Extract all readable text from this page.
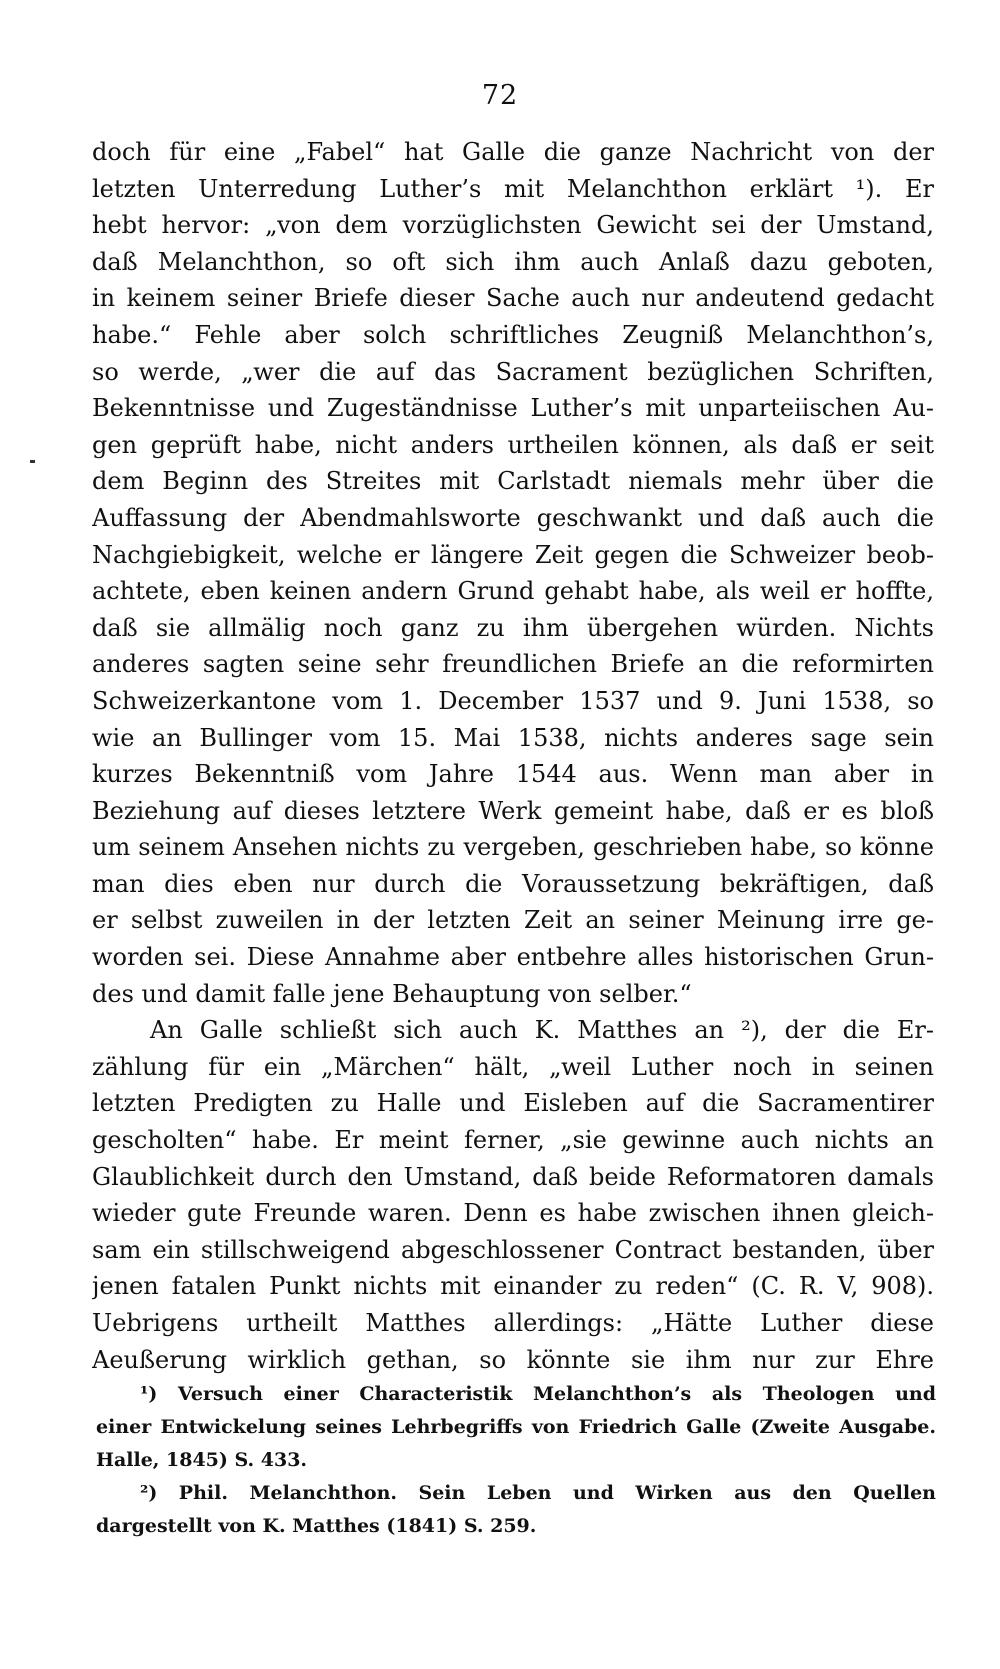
72
doch für eine „Fabel“ hat Galle die ganze Nachricht von der
letzten Unterredung Luther’s mit Melanchthon erklärt ¹). Er
hebt hervor: „von dem vorzüglichsten Gewicht sei der Umstand,
daß Melanchthon, so oft sich ihm auch Anlaß dazu geboten,
in keinem seiner Briefe dieser Sache auch nur andeutend gedacht
habe.“ Fehle aber solch schriftliches Zeugniß Melanchthon’s,
so werde, „wer die auf das Sacrament bezüglichen Schriften,
Bekenntnisse und Zugeständnisse Luther’s mit unparteiischen Au-
gen geprüft habe, nicht anders urtheilen können, als daß er seit
dem Beginn des Streites mit Carlstadt niemals mehr über die
Auffassung der Abendmahlsworte geschwankt und daß auch die
Nachgiebigkeit, welche er längere Zeit gegen die Schweizer beob-
achtete, eben keinen andern Grund gehabt habe, als weil er hoffte,
daß sie allmälig noch ganz zu ihm übergehen würden. Nichts
anderes sagten seine sehr freundlichen Briefe an die reformirten
Schweizerkantone vom 1. December 1537 und 9. Juni 1538, so
wie an Bullinger vom 15. Mai 1538, nichts anderes sage sein
kurzes Bekenntniß vom Jahre 1544 aus. Wenn man aber in
Beziehung auf dieses letztere Werk gemeint habe, daß er es bloß
um seinem Ansehen nichts zu vergeben, geschrieben habe, so könne
man dies eben nur durch die Voraussetzung bekräftigen, daß
er selbst zuweilen in der letzten Zeit an seiner Meinung irre ge-
worden sei. Diese Annahme aber entbehre alles historischen Grun-
des und damit falle jene Behauptung von selber.“
An Galle schließt sich auch K. Matthes an ²), der die Er-
zählung für ein „Märchen“ hält, „weil Luther noch in seinen
letzten Predigten zu Halle und Eisleben auf die Sacramentirer
gescholten“ habe. Er meint ferner, „sie gewinne auch nichts an
Glaublichkeit durch den Umstand, daß beide Reformatoren damals
wieder gute Freunde waren. Denn es habe zwischen ihnen gleich-
sam ein stillschweigend abgeschlossener Contract bestanden, über
jenen fatalen Punkt nichts mit einander zu reden“ (C. R. V, 908).
Uebrigens urtheilt Matthes allerdings: „Hätte Luther diese
Aeußerung wirklich gethan, so könnte sie ihm nur zur Ehre
¹) Versuch einer Characteristik Melanchthon’s als Theologen und
einer Entwickelung seines Lehrbegriffs von Friedrich Galle (Zweite Ausgabe.
Halle, 1845) S. 433.
²) Phil. Melanchthon. Sein Leben und Wirken aus den Quellen
dargestellt von K. Matthes (1841) S. 259.
